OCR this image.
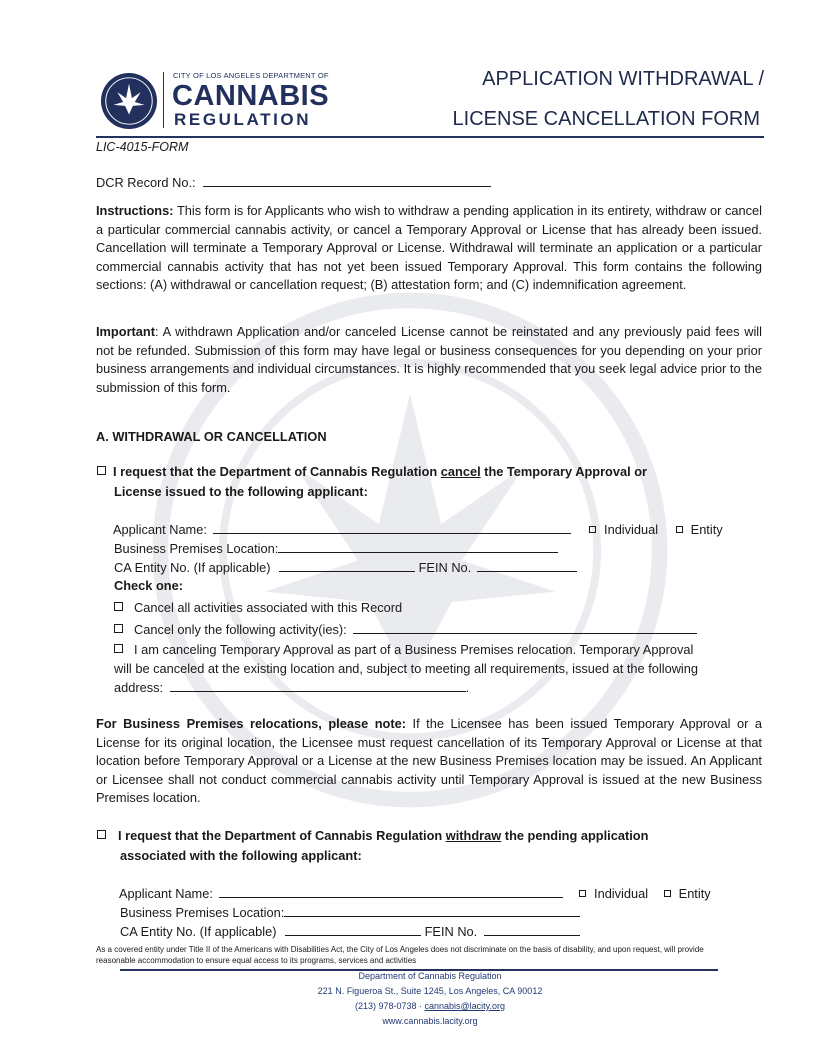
CITY OF LOS ANGELES DEPARTMENT OF
CANNABIS
REGULATION
APPLICATION WITHDRAWAL /
LICENSE CANCELLATION FORM
LIC-4015-FORM
DCR Record No.:
Instructions: This form is for Applicants who wish to withdraw a pending application in its entirety, withdraw or cancel a particular commercial cannabis activity, or cancel a Temporary Approval or License that has already been issued. Cancellation will terminate a Temporary Approval or License. Withdrawal will terminate an application or a particular commercial cannabis activity that has not yet been issued Temporary Approval. This form contains the following sections: (A) withdrawal or cancellation request; (B) attestation form; and (C) indemnification agreement.
Important: A withdrawn Application and/or canceled License cannot be reinstated and any previously paid fees will not be refunded. Submission of this form may have legal or business consequences for you depending on your prior business arrangements and individual circumstances. It is highly recommended that you seek legal advice prior to the submission of this form.
A. WITHDRAWAL OR CANCELLATION
I request that the Department of Cannabis Regulation cancel the Temporary Approval or
License issued to the following applicant:
Applicant Name:	Individual	Entity
Business Premises Location:
CA Entity No. (If applicable)	FEIN No.
Check one:
Cancel all activities associated with this Record
Cancel only the following activity(ies):
I am canceling Temporary Approval as part of a Business Premises relocation. Temporary Approval
will be canceled at the existing location and, subject to meeting all requirements, issued at the following
address:	.
For Business Premises relocations, please note: If the Licensee has been issued Temporary Approval or a License for its original location, the Licensee must request cancellation of its Temporary Approval or License at that location before Temporary Approval or a License at the new Business Premises location may be issued. An Applicant or Licensee shall not conduct commercial cannabis activity until Temporary Approval is issued at the new Business Premises location.
I request that the Department of Cannabis Regulation withdraw the pending application
associated with the following applicant:
Applicant Name:	Individual Entity
Business Premises Location:
CA Entity No. (If applicable)	FEIN No.
As a covered entity under Title II of the Americans with Disabilities Act, the City of Los Angeles does not discriminate on the basis of disability, and upon request, will provide reasonable accommodation to ensure equal access to its programs, services and activities
Department of Cannabis Regulation
221 N. Figueroa St., Suite 1245, Los Angeles, CA 90012
(213) 978-0738 · cannabis@lacity.org
www.cannabis.lacity.org
